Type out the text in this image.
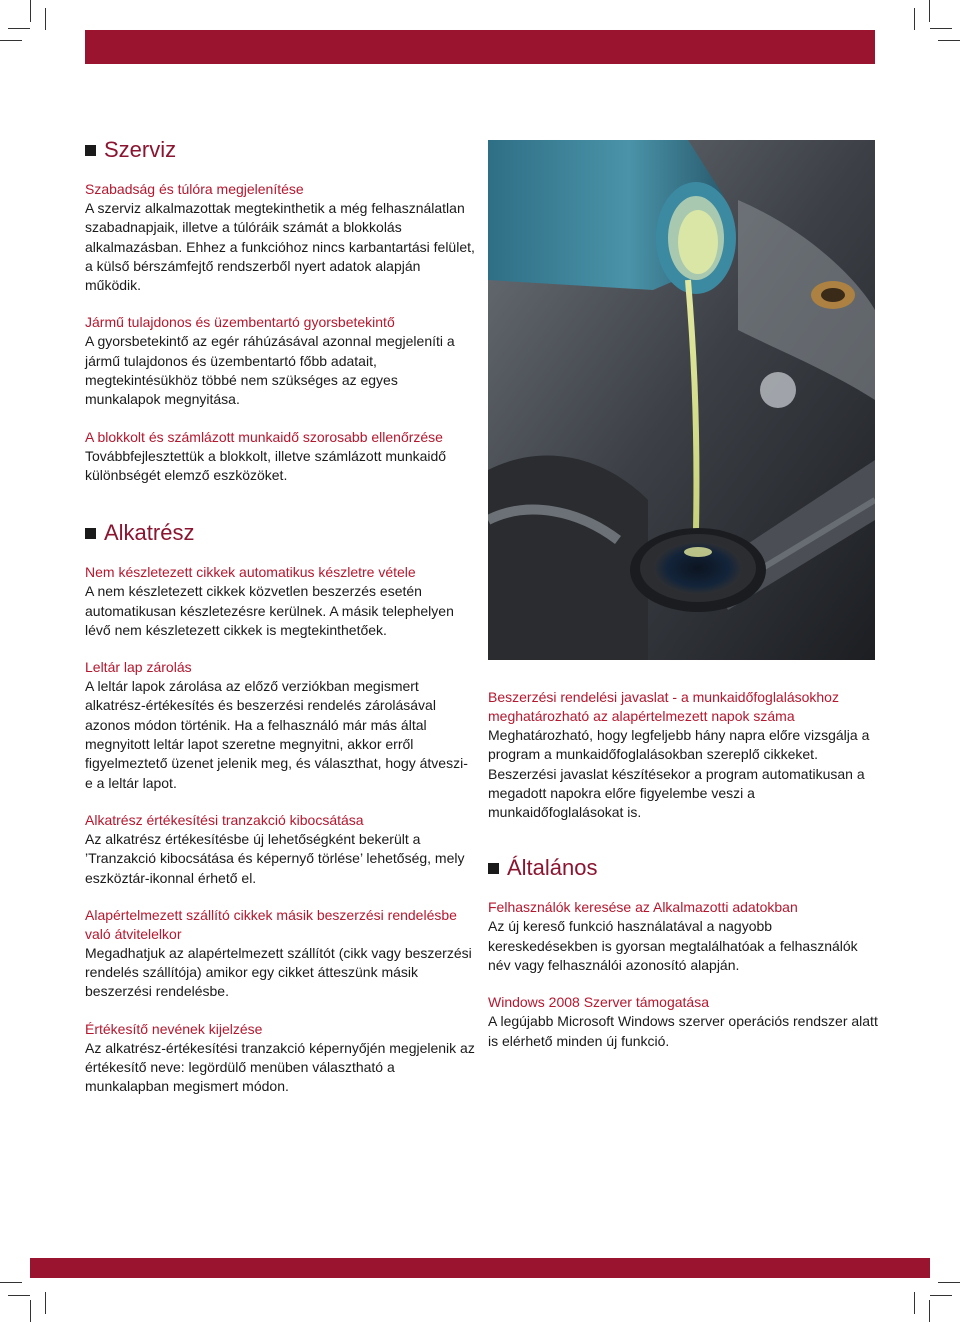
Szerviz

Szabadság és túlóra megjelenítése

A szerviz alkalmazottak megtekinthetik a még felhasználatlan szabadnapjaik, illetve a túlóráik számát a blokkolás alkalmazásban. Ehhez a funkcióhoz nincs karbantartási felület, a külső bérszámfejtő rendszerből nyert adatok alapján működik.

Jármű tulajdonos és üzembentartó gyorsbetekintő

A gyorsbetekintő az egér ráhúzásával azonnal megjeleníti a jármű tulajdonos és üzembentartó főbb adatait, megtekintésükhöz többé nem szükséges az egyes munkalapok megnyitása.

A blokkolt és számlázott munkaidő szorosabb ellenőrzése

Továbbfejlesztettük a blokkolt, illetve számlázott munkaidő különbségét elemző eszközöket.

Alkatrész

Nem készletezett cikkek automatikus készletre vétele

A nem készletezett cikkek közvetlen beszerzés esetén automatikusan készletezésre kerülnek. A másik telephelyen lévő nem készletezett cikkek is megtekinthetőek.

Leltár lap zárolás

A leltár lapok zárolása az előző verziókban megismert alkatrész-értékesítés és beszerzési rendelés zárolásával azonos módon történik. Ha a felhasználó már más által megnyitott leltár lapot szeretne megnyitni, akkor erről figyelmeztető üzenet jelenik meg, és választhat, hogy átveszi-e a leltár lapot.

Alkatrész értékesítési tranzakció kibocsátása

Az alkatrész értékesítésbe új lehetőségként bekerült a ’Tranzakció kibocsátása és képernyő törlése’ lehetőség, mely eszköztár-ikonnal érhető el.

Alapértelmezett szállító cikkek másik beszerzési rendelésbe való átvitelelkor

Megadhatjuk az alapértelmezett szállítót (cikk vagy beszerzési rendelés szállítója) amikor egy cikket átteszünk másik beszerzési rendelésbe.

Értékesítő nevének kijelzése

Az alkatrész-értékesítési tranzakció képernyőjén megjelenik az értékesítő neve: legördülő menüben választható a munkalapban megismert módon.

Beszerzési rendelési javaslat - a munkaidőfoglalásokhoz meghatározható az alapértelmezett napok száma

Meghatározható, hogy legfeljebb hány napra előre vizsgálja a program a munkaidőfoglalásokban szereplő cikkeket. Beszerzési javaslat készítésekor a program automatikusan a megadott napokra előre figyelembe veszi a munkaidőfoglalásokat is.

Általános

Felhasználók keresése az Alkalmazotti adatokban

Az új kereső funkció használatával a nagyobb kereskedésekben is gyorsan megtalálhatóak a felhasználók név vagy felhasználói azonosító alapján.

Windows 2008 Szerver támogatása

A legújabb Microsoft Windows szerver operációs rendszer alatt is elérhető minden új funkció.
